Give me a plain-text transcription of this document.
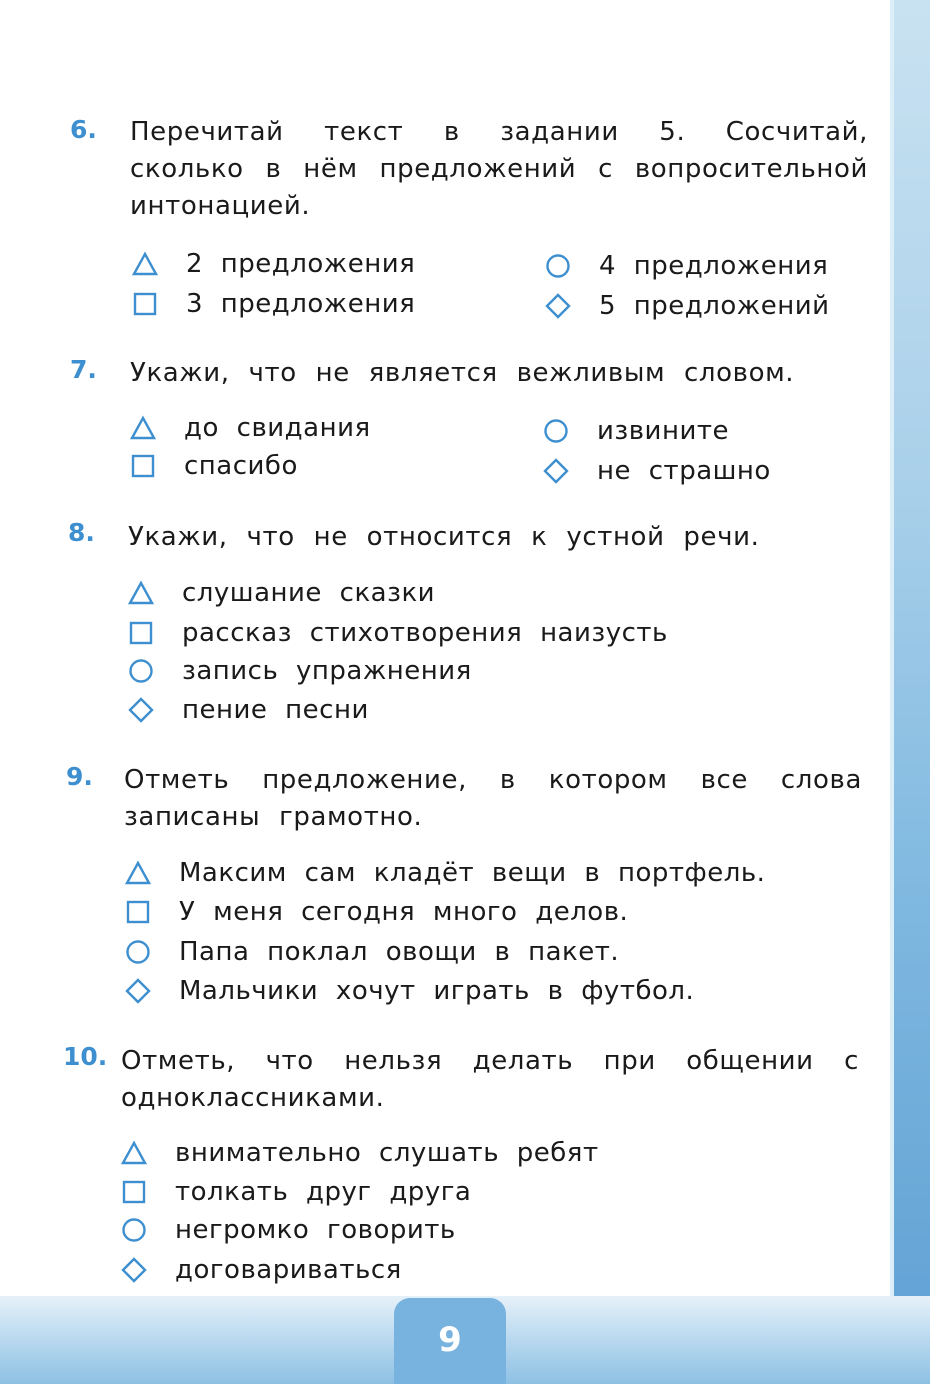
6. Перечитай текст в задании 5. Сосчитай, сколько в нём предложений с вопросительной интонацией.
2 предложения
3 предложения
4 предложения
5 предложений
7. Укажи, что не является вежливым словом.
до свидания
спасибо
извините
не страшно
8. Укажи, что не относится к устной речи.
слушание сказки
рассказ стихотворения наизусть
запись упражнения
пение песни
9. Отметь предложение, в котором все слова записаны грамотно.
Максим сам кладёт вещи в портфель.
У меня сегодня много делов.
Папа поклал овощи в пакет.
Мальчики хочут играть в футбол.
10. Отметь, что нельзя делать при общении с одноклассниками.
внимательно слушать ребят
толкать друг друга
негромко говорить
договариваться
9
